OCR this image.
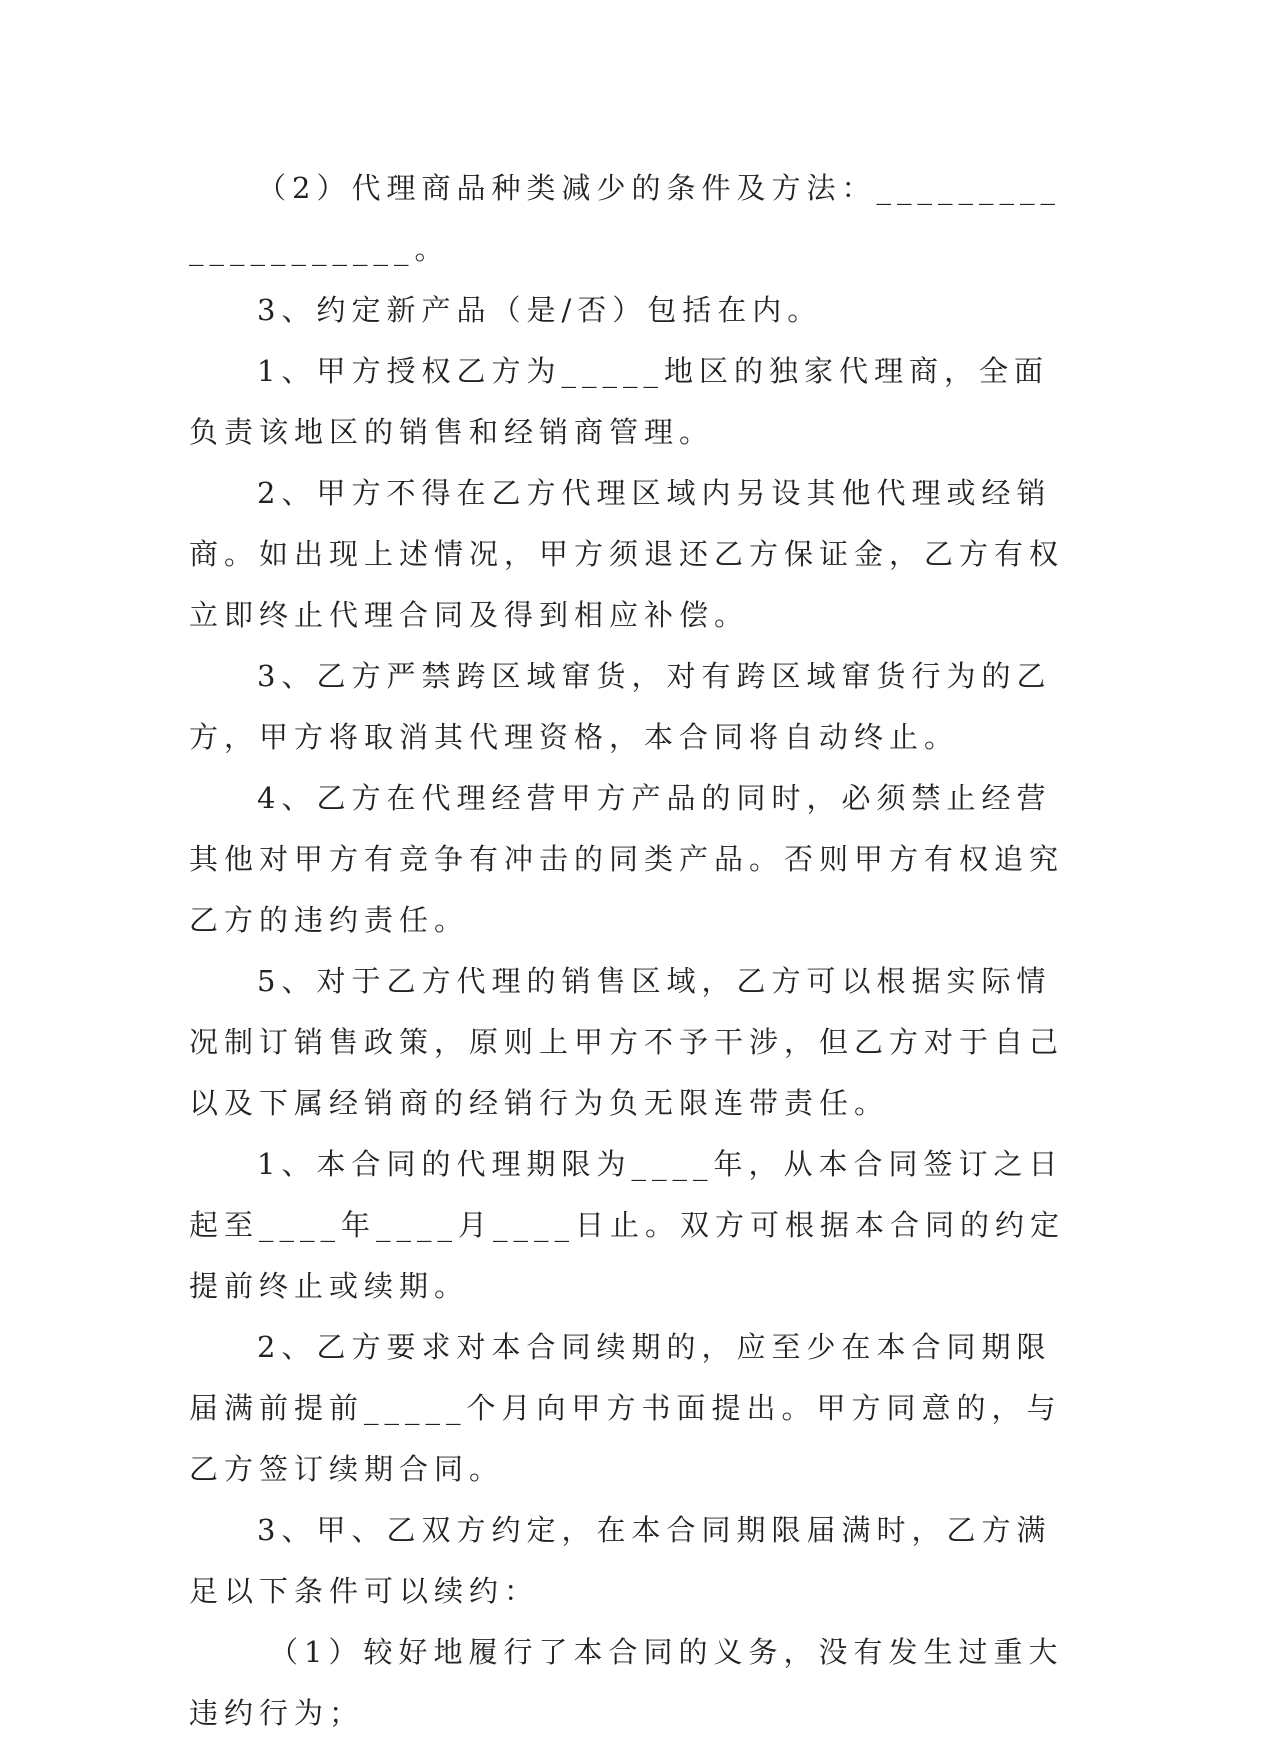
（2）代理商品种类减少的条件及方法：____________________。

3、约定新产品（是/否）包括在内。

1、甲方授权乙方为_____地区的独家代理商，全面负责该地区的销售和经销商管理。

2、甲方不得在乙方代理区域内另设其他代理或经销商。如出现上述情况，甲方须退还乙方保证金，乙方有权立即终止代理合同及得到相应补偿。

3、乙方严禁跨区域窜货，对有跨区域窜货行为的乙方，甲方将取消其代理资格，本合同将自动终止。

4、乙方在代理经营甲方产品的同时，必须禁止经营其他对甲方有竞争有冲击的同类产品。否则甲方有权追究乙方的违约责任。

5、对于乙方代理的销售区域，乙方可以根据实际情况制订销售政策，原则上甲方不予干涉，但乙方对于自己以及下属经销商的经销行为负无限连带责任。

1、本合同的代理期限为____年，从本合同签订之日起至____年____月____日止。双方可根据本合同的约定提前终止或续期。

2、乙方要求对本合同续期的，应至少在本合同期限届满前提前_____个月向甲方书面提出。甲方同意的，与乙方签订续期合同。

3、甲、乙双方约定，在本合同期限届满时，乙方满足以下条件可以续约：

（1）较好地履行了本合同的义务，没有发生过重大违约行为；
